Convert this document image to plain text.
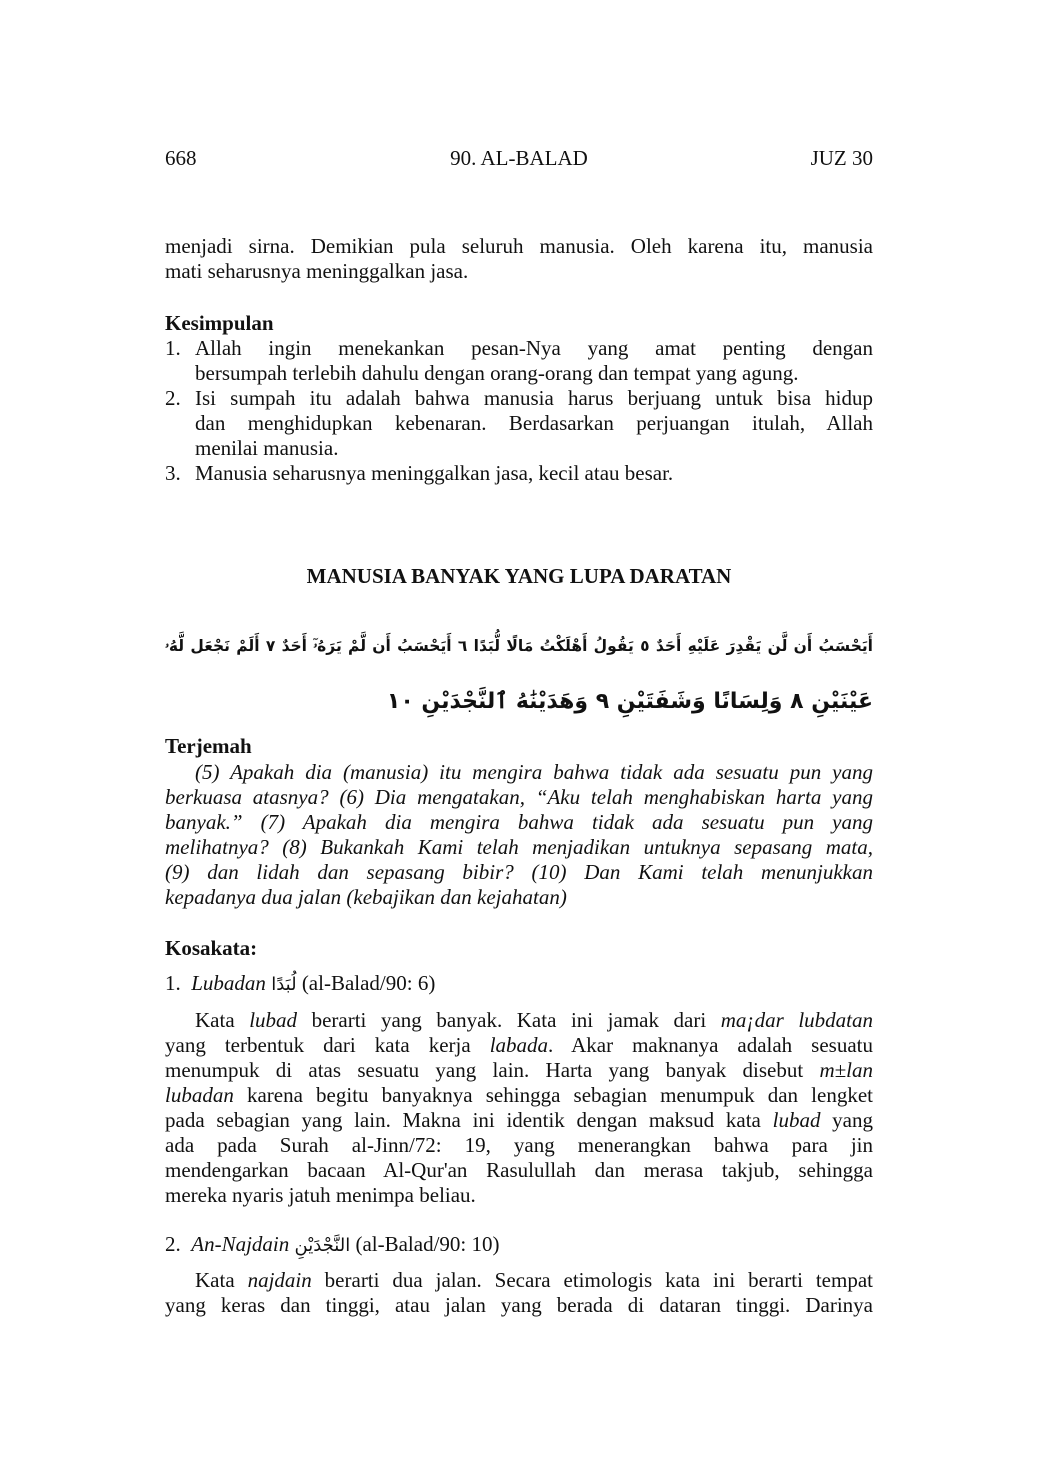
668	90. AL-BALAD	JUZ 30
menjadi sirna. Demikian pula seluruh manusia. Oleh karena itu, manusia
mati seharusnya meninggalkan jasa.
Kesimpulan
1. Allah ingin menekankan pesan-Nya yang amat penting dengan
bersumpah terlebih dahulu dengan orang-orang dan tempat yang agung.
2. Isi sumpah itu adalah bahwa manusia harus berjuang untuk bisa hidup
dan menghidupkan kebenaran. Berdasarkan perjuangan itulah, Allah
menilai manusia.
3. Manusia seharusnya meninggalkan jasa, kecil atau besar.
MANUSIA BANYAK YANG LUPA DARATAN
أَيَحْسَبُ أَن لَّن يَقْدِرَ عَلَيْهِ أَحَدٌ ٥ يَقُولُ أَهْلَكْتُ مَالًا لُّبَدًا ٦ أَيَحْسَبُ أَن لَّمْ يَرَهُۥٓ أَحَدٌ ٧ أَلَمْ نَجْعَل لَّهُۥ
عَيْنَيْنِ ٨ وَلِسَانًا وَشَفَتَيْنِ ٩ وَهَدَيْنَٰهُ ٱلنَّجْدَيْنِ ١٠
Terjemah
(5) Apakah dia (manusia) itu mengira bahwa tidak ada sesuatu pun yang
berkuasa atasnya? (6) Dia mengatakan, “Aku telah menghabiskan harta yang
banyak.” (7) Apakah dia mengira bahwa tidak ada sesuatu pun yang
melihatnya? (8) Bukankah Kami telah menjadikan untuknya sepasang mata,
(9) dan lidah dan sepasang bibir? (10) Dan Kami telah menunjukkan
kepadanya dua jalan (kebajikan dan kejahatan)
Kosakata:
1. Lubadan لُبَدًا (al-Balad/90: 6)
Kata lubad berarti yang banyak. Kata ini jamak dari ma¡dar lubdatan
yang terbentuk dari kata kerja labada. Akar maknanya adalah sesuatu
menumpuk di atas sesuatu yang lain. Harta yang banyak disebut m±lan
lubadan karena begitu banyaknya sehingga sebagian menumpuk dan lengket
pada sebagian yang lain. Makna ini identik dengan maksud kata lubad yang
ada pada Surah al-Jinn/72: 19, yang menerangkan bahwa para jin
mendengarkan bacaan Al-Qur'an Rasulullah dan merasa takjub, sehingga
mereka nyaris jatuh menimpa beliau.
2. An-Najdain النَّجْدَيْنِ (al-Balad/90: 10)
Kata najdain berarti dua jalan. Secara etimologis kata ini berarti tempat
yang keras dan tinggi, atau jalan yang berada di dataran tinggi. Darinya
